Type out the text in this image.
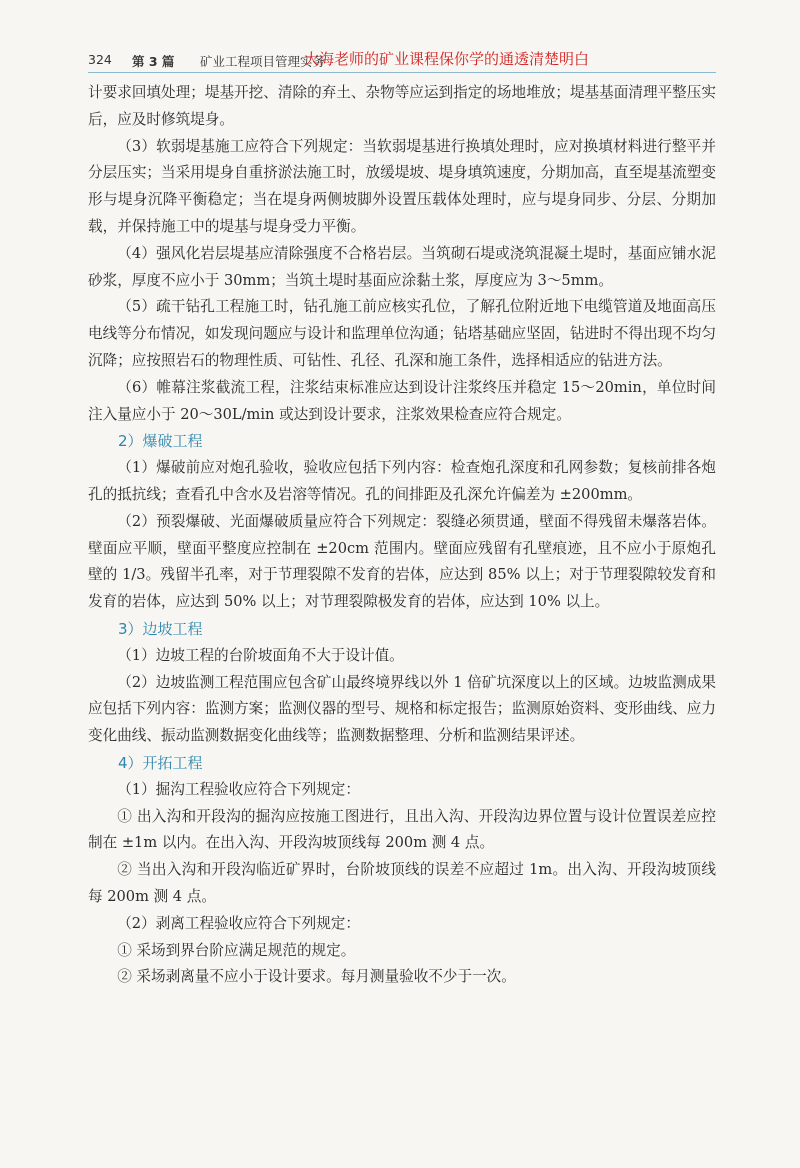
324 第 3 篇 矿业工程项目管理实务
大海老师的矿业课程保你学的通透清楚明白

计要求回填处理；堤基开挖、清除的弃土、杂物等应运到指定的场地堆放；堤基基面清理平整压实后，应及时修筑堤身。

（3）软弱堤基施工应符合下列规定：当软弱堤基进行换填处理时，应对换填材料进行整平并分层压实；当采用堤身自重挤淤法施工时，放缓堤坡、堤身填筑速度，分期加高，直至堤基流塑变形与堤身沉降平衡稳定；当在堤身两侧坡脚外设置压载体处理时，应与堤身同步、分层、分期加载，并保持施工中的堤基与堤身受力平衡。

（4）强风化岩层堤基应清除强度不合格岩层。当筑砌石堤或浇筑混凝土堤时，基面应铺水泥砂浆，厚度不应小于 30mm；当筑土堤时基面应涂黏土浆，厚度应为 3～5mm。

（5）疏干钻孔工程施工时，钻孔施工前应核实孔位，了解孔位附近地下电缆管道及地面高压电线等分布情况，如发现问题应与设计和监理单位沟通；钻塔基础应坚固，钻进时不得出现不均匀沉降；应按照岩石的物理性质、可钻性、孔径、孔深和施工条件，选择相适应的钻进方法。

（6）帷幕注浆截流工程，注浆结束标准应达到设计注浆终压并稳定 15～20min，单位时间注入量应小于 20～30L/min 或达到设计要求，注浆效果检查应符合规定。

2）爆破工程

（1）爆破前应对炮孔验收，验收应包括下列内容：检查炮孔深度和孔网参数；复核前排各炮孔的抵抗线；查看孔中含水及岩溶等情况。孔的间排距及孔深允许偏差为 ±200mm。

（2）预裂爆破、光面爆破质量应符合下列规定：裂缝必须贯通，壁面不得残留未爆落岩体。壁面应平顺，壁面平整度应控制在 ±20cm 范围内。壁面应残留有孔壁痕迹，且不应小于原炮孔壁的 1/3。残留半孔率，对于节理裂隙不发育的岩体，应达到 85% 以上；对于节理裂隙较发育和发育的岩体，应达到 50% 以上；对节理裂隙极发育的岩体，应达到 10% 以上。

3）边坡工程

（1）边坡工程的台阶坡面角不大于设计值。

（2）边坡监测工程范围应包含矿山最终境界线以外 1 倍矿坑深度以上的区域。边坡监测成果应包括下列内容：监测方案；监测仪器的型号、规格和标定报告；监测原始资料、变形曲线、应力变化曲线、振动监测数据变化曲线等；监测数据整理、分析和监测结果评述。

4）开拓工程

（1）掘沟工程验收应符合下列规定：

① 出入沟和开段沟的掘沟应按施工图进行，且出入沟、开段沟边界位置与设计位置误差应控制在 ±1m 以内。在出入沟、开段沟坡顶线每 200m 测 4 点。

② 当出入沟和开段沟临近矿界时，台阶坡顶线的误差不应超过 1m。出入沟、开段沟坡顶线每 200m 测 4 点。

（2）剥离工程验收应符合下列规定：

① 采场到界台阶应满足规范的规定。

② 采场剥离量不应小于设计要求。每月测量验收不少于一次。
